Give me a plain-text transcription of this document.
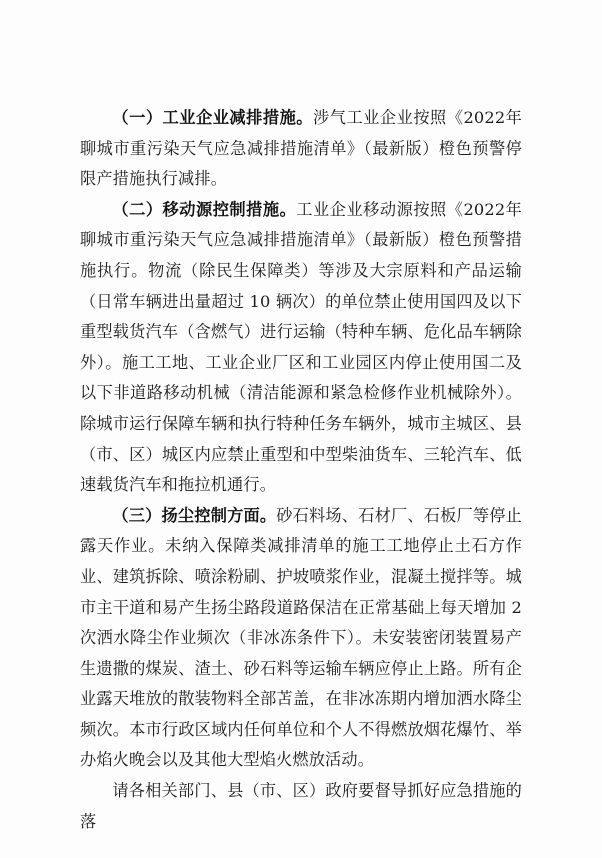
（一）工业企业减排措施。涉气工业企业按照《2022年聊城市重污染天气应急减排措施清单》（最新版）橙色预警停限产措施执行减排。

（二）移动源控制措施。工业企业移动源按照《2022年聊城市重污染天气应急减排措施清单》（最新版）橙色预警措施执行。物流（除民生保障类）等涉及大宗原料和产品运输（日常车辆进出量超过 10 辆次）的单位禁止使用国四及以下重型载货汽车（含燃气）进行运输（特种车辆、危化品车辆除外）。施工工地、工业企业厂区和工业园区内停止使用国二及以下非道路移动机械（清洁能源和紧急检修作业机械除外）。除城市运行保障车辆和执行特种任务车辆外，城市主城区、县（市、区）城区内应禁止重型和中型柴油货车、三轮汽车、低速载货汽车和拖拉机通行。

（三）扬尘控制方面。砂石料场、石材厂、石板厂等停止露天作业。未纳入保障类减排清单的施工工地停止土石方作业、建筑拆除、喷涂粉刷、护坡喷浆作业，混凝土搅拌等。城市主干道和易产生扬尘路段道路保洁在正常基础上每天增加 2 次洒水降尘作业频次（非冰冻条件下）。未安装密闭装置易产生遗撒的煤炭、渣土、砂石料等运输车辆应停止上路。所有企业露天堆放的散装物料全部苫盖，在非冰冻期内增加洒水降尘频次。本市行政区域内任何单位和个人不得燃放烟花爆竹、举办焰火晚会以及其他大型焰火燃放活动。

请各相关部门、县（市、区）政府要督导抓好应急措施的落
